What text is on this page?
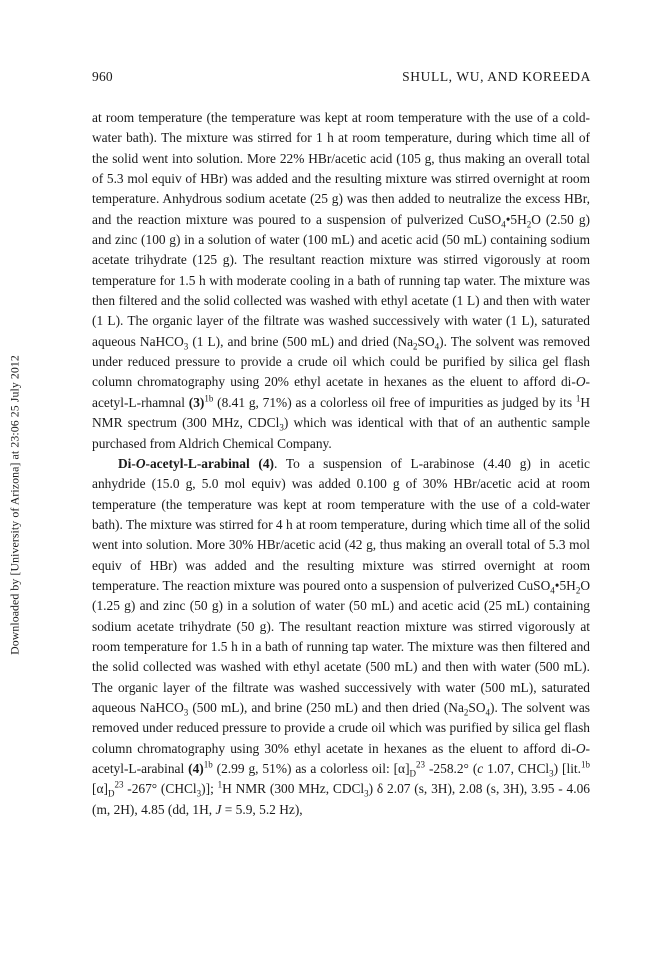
960	SHULL, WU, AND KOREEDA
Downloaded by [University of Arizona] at 23:06 25 July 2012

at room temperature (the temperature was kept at room temperature with the use of a cold-water bath). The mixture was stirred for 1 h at room temperature, during which time all of the solid went into solution. More 22% HBr/acetic acid (105 g, thus making an overall total of 5.3 mol equiv of HBr) was added and the resulting mixture was stirred overnight at room temperature. Anhydrous sodium acetate (25 g) was then added to neutralize the excess HBr, and the reaction mixture was poured to a suspension of pulverized $CuSO_4•5H_2O$ (2.50 g) and zinc (100 g) in a solution of water (100 mL) and acetic acid (50 mL) containing sodium acetate trihydrate (125 g). The resultant reaction mixture was stirred vigorously at room temperature for 1.5 h with moderate cooling in a bath of running tap water. The mixture was then filtered and the solid collected was washed with ethyl acetate (1 L) and then with water (1 L). The organic layer of the filtrate was washed successively with water (1 L), saturated aqueous NaHCO$_3$ (1 L), and brine (500 mL) and dried $(Na_2SO_4)$. The solvent was removed under reduced pressure to provide a crude oil which could be purified by silica gel flash column chromatography using 20% ethyl acetate in hexanes as the eluent to afford di-O-acetyl-L-rhamnal $(3)^{1b}$ (8.41 g, 71%) as a colorless oil free of impurities as judged by its $^1$H NMR spectrum (300 MHz, CDCl$_3$) which was identical with that of an authentic sample purchased from Aldrich Chemical Company.

Di-O-acetyl-L-arabinal (4). To a suspension of L-arabinose (4.40 g) in acetic anhydride (15.0 g, 5.0 mol equiv) was added 0.100 g of 30% HBr/acetic acid at room temperature (the temperature was kept at room temperature with the use of a cold-water bath). The mixture was stirred for 4 h at room temperature, during which time all of the solid went into solution. More 30% HBr/acetic acid (42 g, thus making an overall total of 5.3 mol equiv of HBr) was added and the resulting mixture was stirred overnight at room temperature. The reaction mixture was poured onto a suspension of pulverized $CuSO_4•5H_2O$ (1.25 g) and zinc (50 g) in a solution of water (50 mL) and acetic acid (25 mL) containing sodium acetate trihydrate (50 g). The resultant reaction mixture was stirred vigorously at room temperature for 1.5 h in a bath of running tap water. The mixture was then filtered and the solid collected was washed with ethyl acetate (500 mL) and then with water (500 mL). The organic layer of the filtrate was washed successively with water (500 mL), saturated aqueous NaHCO$_3$ (500 mL), and brine (250 mL) and then dried $(Na_2SO_4)$. The solvent was removed under reduced pressure to provide a crude oil which was purified by silica gel flash column chromatography using 30% ethyl acetate in hexanes as the eluent to afford di-O-acetyl-L-arabinal $(4)^{1b}$ (2.99 g, 51%) as a colorless oil: $[\alpha]_D^{23}$ -258.2° (c 1.07, CHCl$_3$) [lit.$^{1b}$ $[\alpha]_D^{23}$ -267° (CHCl$_3$)]; $^1$H NMR (300 MHz, CDCl$_3$) δ 2.07 (s, 3H), 2.08 (s, 3H), 3.95 - 4.06 (m, 2H), 4.85 (dd, 1H, J = 5.9, 5.2 Hz),
